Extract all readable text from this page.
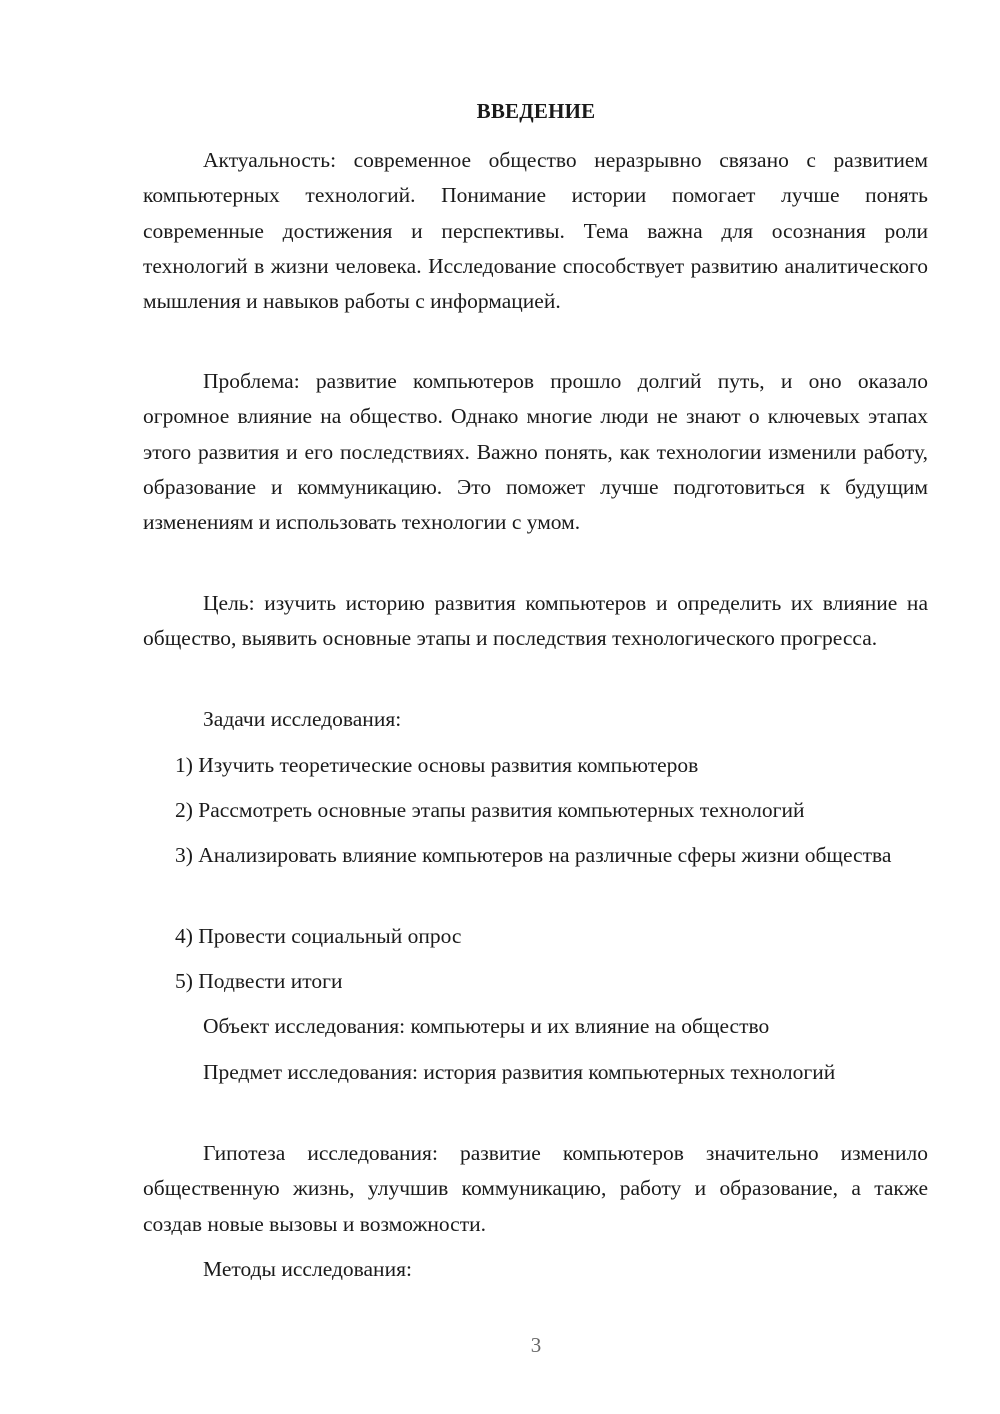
ВВЕДЕНИЕ
Актуальность: современное общество неразрывно связано с развитием компьютерных технологий. Понимание истории помогает лучше понять современные достижения и перспективы. Тема важна для осознания роли технологий в жизни человека. Исследование способствует развитию аналитического мышления и навыков работы с информацией.
Проблема: развитие компьютеров прошло долгий путь, и оно оказало огромное влияние на общество. Однако многие люди не знают о ключевых этапах этого развития и его последствиях. Важно понять, как технологии изменили работу, образование и коммуникацию. Это поможет лучше подготовиться к будущим изменениям и использовать технологии с умом.
Цель: изучить историю развития компьютеров и определить их влияние на общество, выявить основные этапы и последствия технологического прогресса.
Задачи исследования:
1) Изучить теоретические основы развития компьютеров
2) Рассмотреть основные этапы развития компьютерных технологий
3) Анализировать влияние компьютеров на различные сферы жизни общества
4) Провести социальный опрос
5) Подвести итоги
Объект исследования: компьютеры и их влияние на общество
Предмет исследования: история развития компьютерных технологий
Гипотеза исследования: развитие компьютеров значительно изменило общественную жизнь, улучшив коммуникацию, работу и образование, а также создав новые вызовы и возможности.
Методы исследования:
3
